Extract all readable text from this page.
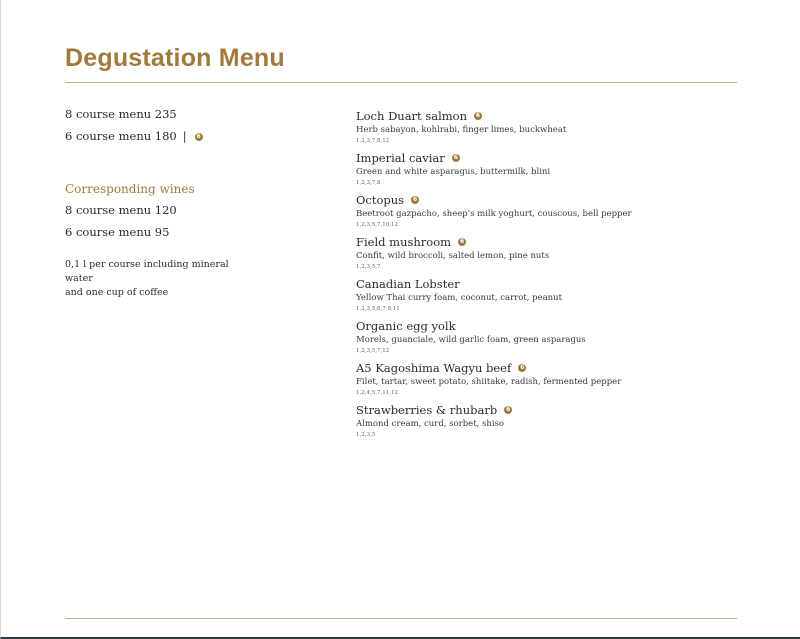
Degustation Menu
8 course menu 235
6 course menu 180 |	6
Corresponding wines
8 course menu 120
6 course menu 95
0,1 l per course including mineral water
and one cup of coffee
Loch Duart salmon	6
Herb sabayon, kohlrabi, finger limes, buckwheat
1,2,3,7,8,12
Imperial caviar	6
Green and white asparagus, buttermilk, blini
1,2,3,7,8
Octopus	6
Beetroot gazpacho, sheep's milk yoghurt, couscous, bell pepper
1,2,3,5,7,10,12
Field mushroom	6
Confit, wild broccoli, salted lemon, pine nuts
1,2,3,5,7
Canadian Lobster
Yellow Thai curry foam, coconut, carrot, peanut
1,2,3,5,6,7,9,11
Organic egg yolk
Morels, guanciale, wild garlic foam, green asparagus
1,2,3,5,7,12
A5 Kagoshima Wagyu beef	6
Filet, tartar, sweet potato, shiitake, radish, fermented pepper
1,2,4,5,7,11,12
Strawberries & rhubarb	6
Almond cream, curd, sorbet, shiso
1,2,3,5
